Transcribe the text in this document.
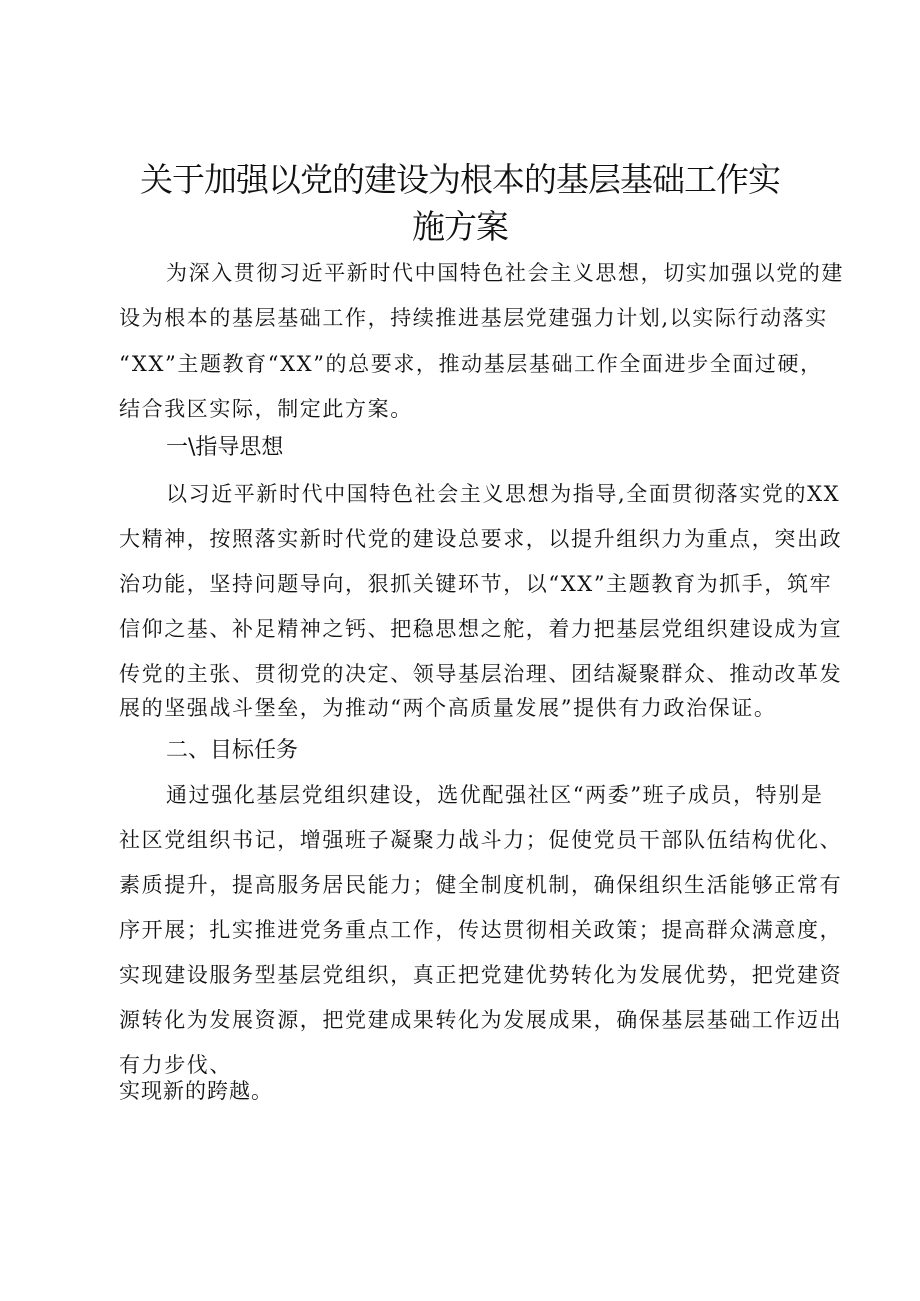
关于加强以党的建设为根本的基层基础工作实
施方案
为深入贯彻习近平新时代中国特色社会主义思想，切实加强以党的建
设为根本的基层基础工作，持续推进基层党建强力计划,以实际行动落实
“XX”主题教育“XX”的总要求，推动基层基础工作全面进步全面过硬，
结合我区实际，制定此方案。
一\指导思想
以习近平新时代中国特色社会主义思想为指导,全面贯彻落实党的XX
大精神，按照落实新时代党的建设总要求，以提升组织力为重点，突出政
治功能，坚持问题导向，狠抓关键环节，以“XX”主题教育为抓手，筑牢
信仰之基、补足精神之钙、把稳思想之舵，着力把基层党组织建设成为宣
传党的主张、贯彻党的决定、领导基层治理、团结凝聚群众、推动改革发
展的坚强战斗堡垒，为推动“两个高质量发展”提供有力政治保证。
二、目标任务
通过强化基层党组织建设，选优配强社区“两委”班子成员，特别是
社区党组织书记，增强班子凝聚力战斗力；促使党员干部队伍结构优化、
素质提升，提高服务居民能力；健全制度机制，确保组织生活能够正常有
序开展；扎实推进党务重点工作，传达贯彻相关政策；提高群众满意度，
实现建设服务型基层党组织，真正把党建优势转化为发展优势，把党建资
源转化为发展资源，把党建成果转化为发展成果，确保基层基础工作迈出
有力步伐、
实现新的跨越。
